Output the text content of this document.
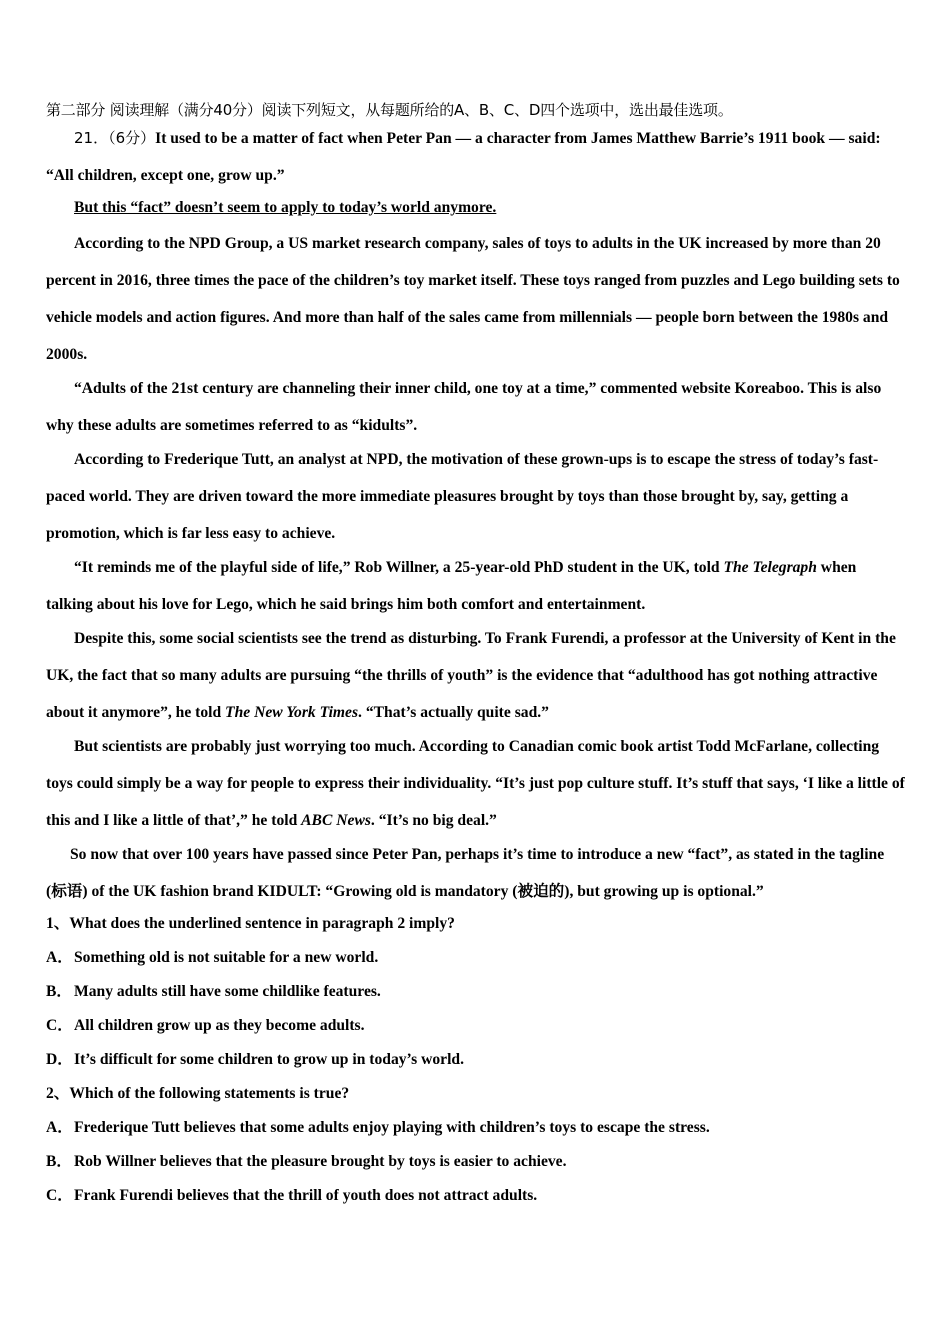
第二部分 阅读理解（满分40分）阅读下列短文，从每题所给的A、B、C、D四个选项中，选出最佳选项。
21．（6分）It used to be a matter of fact when Peter Pan — a character from James Matthew Barrie’s 1911 book — said: “All children, except one, grow up.”
But this “fact” doesn’t seem to apply to today’s world anymore.
According to the NPD Group, a US market research company, sales of toys to adults in the UK increased by more than 20 percent in 2016, three times the pace of the children’s toy market itself. These toys ranged from puzzles and Lego building sets to vehicle models and action figures. And more than half of the sales came from millennials — people born between the 1980s and 2000s.
“Adults of the 21st century are channeling their inner child, one toy at a time,” commented website Koreaboo. This is also why these adults are sometimes referred to as “kidults”.
According to Frederique Tutt, an analyst at NPD, the motivation of these grown-ups is to escape the stress of today’s fast-paced world. They are driven toward the more immediate pleasures brought by toys than those brought by, say, getting a promotion, which is far less easy to achieve.
“It reminds me of the playful side of life,” Rob Willner, a 25-year-old PhD student in the UK, told The Telegraph when talking about his love for Lego, which he said brings him both comfort and entertainment.
Despite this, some social scientists see the trend as disturbing. To Frank Furendi, a professor at the University of Kent in the UK, the fact that so many adults are pursuing “the thrills of youth” is the evidence that “adulthood has got nothing attractive about it anymore”, he told The New York Times. “That’s actually quite sad.”
But scientists are probably just worrying too much. According to Canadian comic book artist Todd McFarlane, collecting toys could simply be a way for people to express their individuality. “It’s just pop culture stuff. It’s stuff that says, ‘I like a little of this and I like a little of that’,” he told ABC News. “It’s no big deal.”
So now that over 100 years have passed since Peter Pan, perhaps it’s time to introduce a new “fact”, as stated in the tagline (标语) of the UK fashion brand KIDULT: “Growing old is mandatory (被迫的), but growing up is optional.”
1、What does the underlined sentence in paragraph 2 imply?
A．Something old is not suitable for a new world.
B． Many adults still have some childlike features.
C．All children grow up as they become adults.
D．It’s difficult for some children to grow up in today’s world.
2、Which of the following statements is true?
A．Frederique Tutt believes that some adults enjoy playing with children’s toys to escape the stress.
B． Rob Willner believes that the pleasure brought by toys is easier to achieve.
C．Frank Furendi believes that the thrill of youth does not attract adults.
